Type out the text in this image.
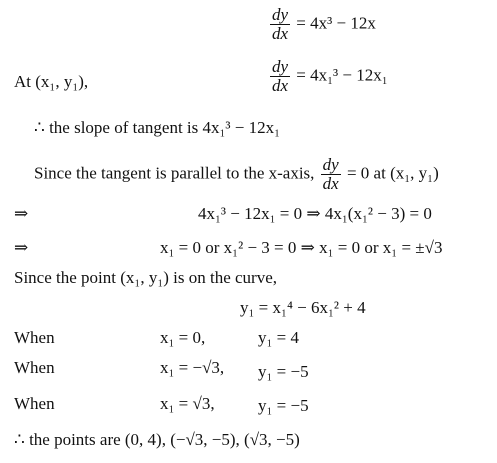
$\frac{dy}{dx} = 4x^3 - 12x$
At (x₁, y₁),	$\frac{dy}{dx} = 4x_1^3 - 12x_1$
∴ the slope of tangent is 4x₁³ − 12x₁
Since the tangent is parallel to the x-axis, $\frac{dy}{dx} = 0$ at (x₁, y₁)
⇒	4x₁³ − 12x₁ = 0 ⇒ 4x₁(x₁² − 3) = 0
⇒	x₁ = 0 or x₁² − 3 = 0 ⇒ x₁ = 0 or x₁ = ±√3
Since the point (x₁, y₁) is on the curve,
y₁ = x₁⁴ − 6x₁² + 4
When	x₁ = 0,	y₁ = 4
When	x₁ = −√3, y₁ = −5
When	x₁ = √3,	y₁ = −5
∴ the points are (0, 4), (−√3, −5), (√3, −5)
